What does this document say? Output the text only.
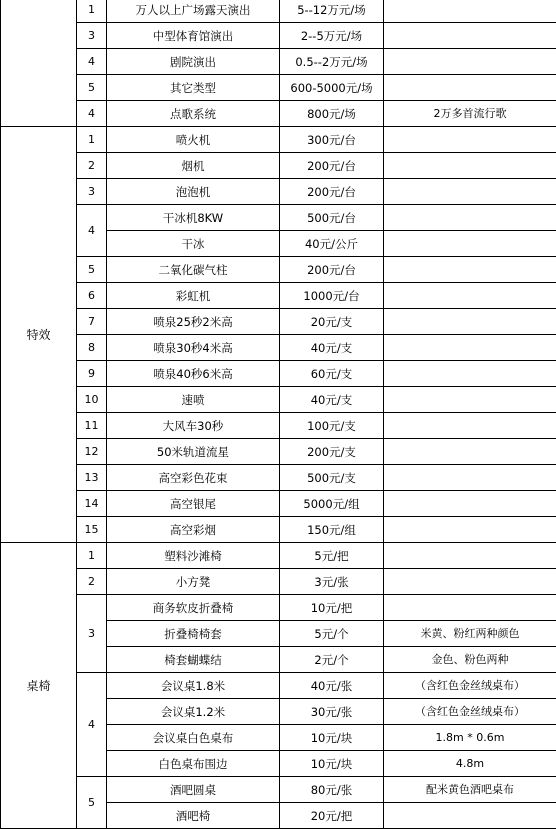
	1	万人以上广场露天演出	5--12万元/场	
	3	中型体育馆演出	2--5万元/场	
	4	剧院演出	0.5--2万元/场	
	5	其它类型	600-5000元/场	
	4	点歌系统	800元/场	2万多首流行歌
特效	1	喷火机	300元/台	
	2	烟机	200元/台	
	3	泡泡机	200元/台	
	4	干冰机8KW	500元/台	
		干冰	40元/公斤	
	5	二氧化碳气柱	200元/台	
	6	彩虹机	1000元/台	
	7	喷泉25秒2米高	20元/支	
	8	喷泉30秒4米高	40元/支	
	9	喷泉40秒6米高	60元/支	
	10	速喷	40元/支	
	11	大风车30秒	100元/支	
	12	50米轨道流星	200元/支	
	13	高空彩色花束	500元/支	
	14	高空银尾	5000元/组	
	15	高空彩烟	150元/组	
桌椅	1	塑料沙滩椅	5元/把	
	2	小方凳	3元/张	
	3	商务软皮折叠椅	10元/把	
		折叠椅椅套	5元/个	米黄、粉红两种颜色
		椅套蝴蝶结	2元/个	金色、粉色两种
	4	会议桌1.8米	40元/张	（含红色金丝绒桌布）
		会议桌1.2米	30元/张	（含红色金丝绒桌布）
		会议桌白色桌布	10元/块	1.8m * 0.6m
		白色桌布围边	10元/块	4.8m
	5	酒吧圆桌	80元/张	配米黄色酒吧桌布
		酒吧椅	20元/把	
